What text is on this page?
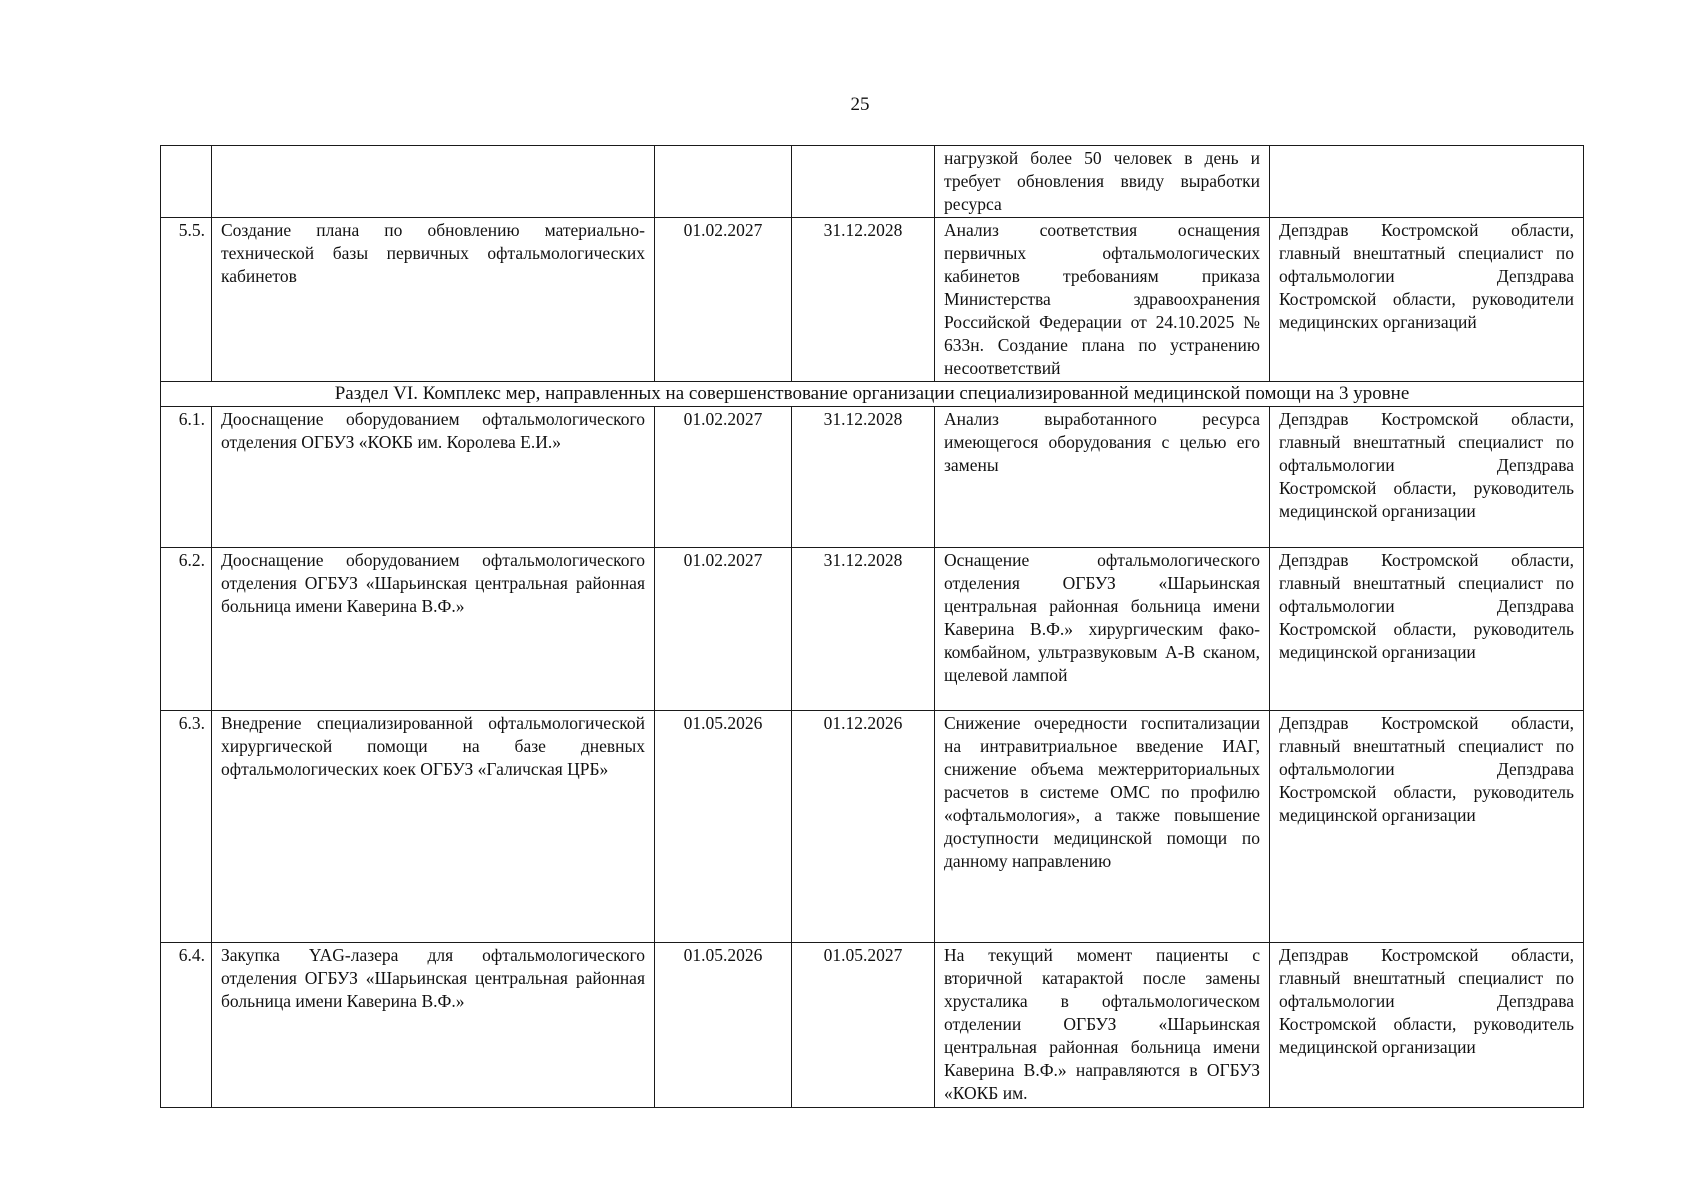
25
				нагрузкой более 50 человек в день и требует обновления ввиду выработки ресурса	
5.5.	Создание плана по обновлению материально-технической базы первичных офтальмологических кабинетов	01.02.2027	31.12.2028	Анализ соответствия оснащения первичных офтальмологических кабинетов требованиям приказа Министерства здравоохранения Российской Федерации от 24.10.2025 № 633н. Создание плана по устранению несоответствий	Депздрав Костромской области, главный внештатный специалист по офтальмологии Депздрава Костромской области, руководители медицинских организаций
Раздел VI. Комплекс мер, направленных на совершенствование организации специализированной медицинской помощи на 3 уровне					
6.1.	Дооснащение оборудованием офтальмологического отделения ОГБУЗ «КОКБ им. Королева Е.И.»	01.02.2027	31.12.2028	Анализ выработанного ресурса имеющегося оборудования с целью его замены	Депздрав Костромской области, главный внештатный специалист по офтальмологии Депздрава Костромской области, руководитель медицинской организации
6.2.	Дооснащение оборудованием офтальмологического отделения ОГБУЗ «Шарьинская центральная районная больница имени Каверина В.Ф.»	01.02.2027	31.12.2028	Оснащение офтальмологического отделения ОГБУЗ «Шарьинская центральная районная больница имени Каверина В.Ф.» хирургическим фако-комбайном, ультразвуковым А-В сканом, щелевой лампой	Депздрав Костромской области, главный внештатный специалист по офтальмологии Депздрава Костромской области, руководитель медицинской организации
6.3.	Внедрение специализированной офтальмологической хирургической помощи на базе дневных офтальмологических коек ОГБУЗ «Галичская ЦРБ»	01.05.2026	01.12.2026	Снижение очередности госпитализации на интравитриальное введение ИАГ, снижение объема межтерриториальных расчетов в системе ОМС по профилю «офтальмология», а также повышение доступности медицинской помощи по данному направлению	Депздрав Костромской области, главный внештатный специалист по офтальмологии Депздрава Костромской области, руководитель медицинской организации
6.4.	Закупка YAG-лазера для офтальмологического отделения ОГБУЗ «Шарьинская центральная районная больница имени Каверина В.Ф.»	01.05.2026	01.05.2027	На текущий момент пациенты с вторичной катарактой после замены хрусталика в офтальмологическом отделении ОГБУЗ «Шарьинская центральная районная больница имени Каверина В.Ф.» направляются в ОГБУЗ «КОКБ им.	Депздрав Костромской области, главный внештатный специалист по офтальмологии Депздрава Костромской области, руководитель медицинской организации
